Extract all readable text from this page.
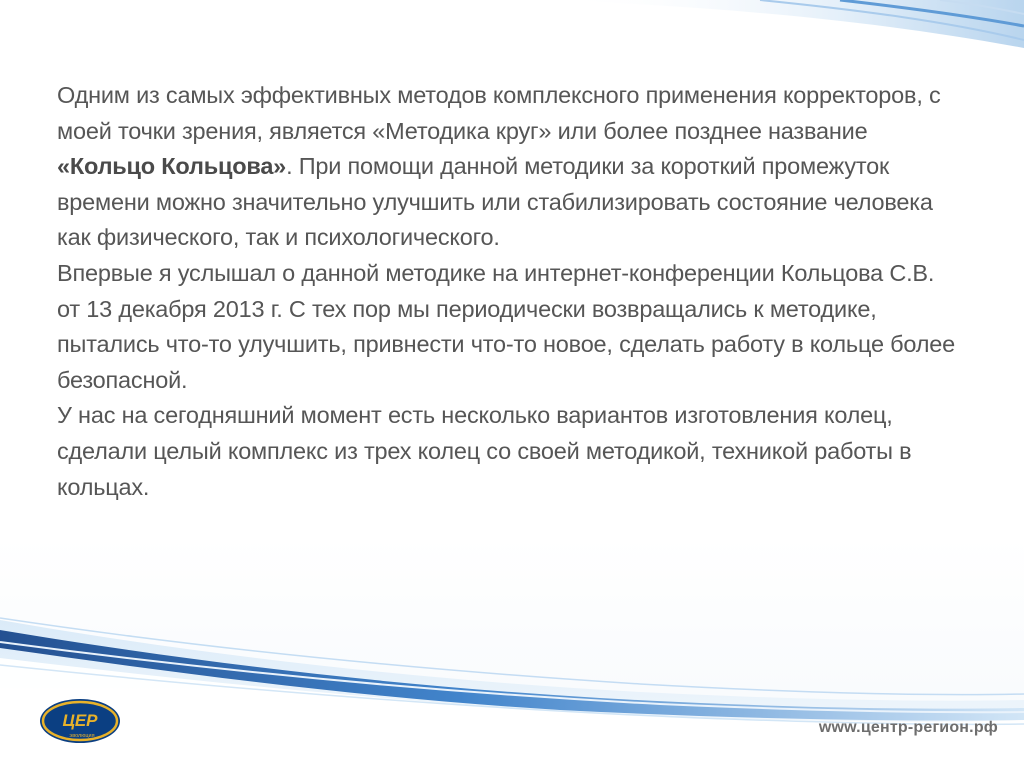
Одним из самых эффективных методов комплексного применения корректоров, с моей точки зрения, является «Методика круг» или более позднее название «Кольцо Кольцова». При помощи данной методики за короткий промежуток времени можно значительно улучшить или стабилизировать состояние человека как физического, так и психологического.

Впервые я услышал о данной методике на интернет-конференции Кольцова С.В. от 13 декабря 2013 г. С тех пор мы периодически возвращались к методике, пытались что-то улучшить, привнести что-то новое, сделать работу в кольце более безопасной.

У нас на сегодняшний момент есть несколько вариантов изготовления колец, сделали целый комплекс из трех колец со своей методикой, техникой работы в кольцах.

ЦЕР
эволюция	www.центр-регион.рф
